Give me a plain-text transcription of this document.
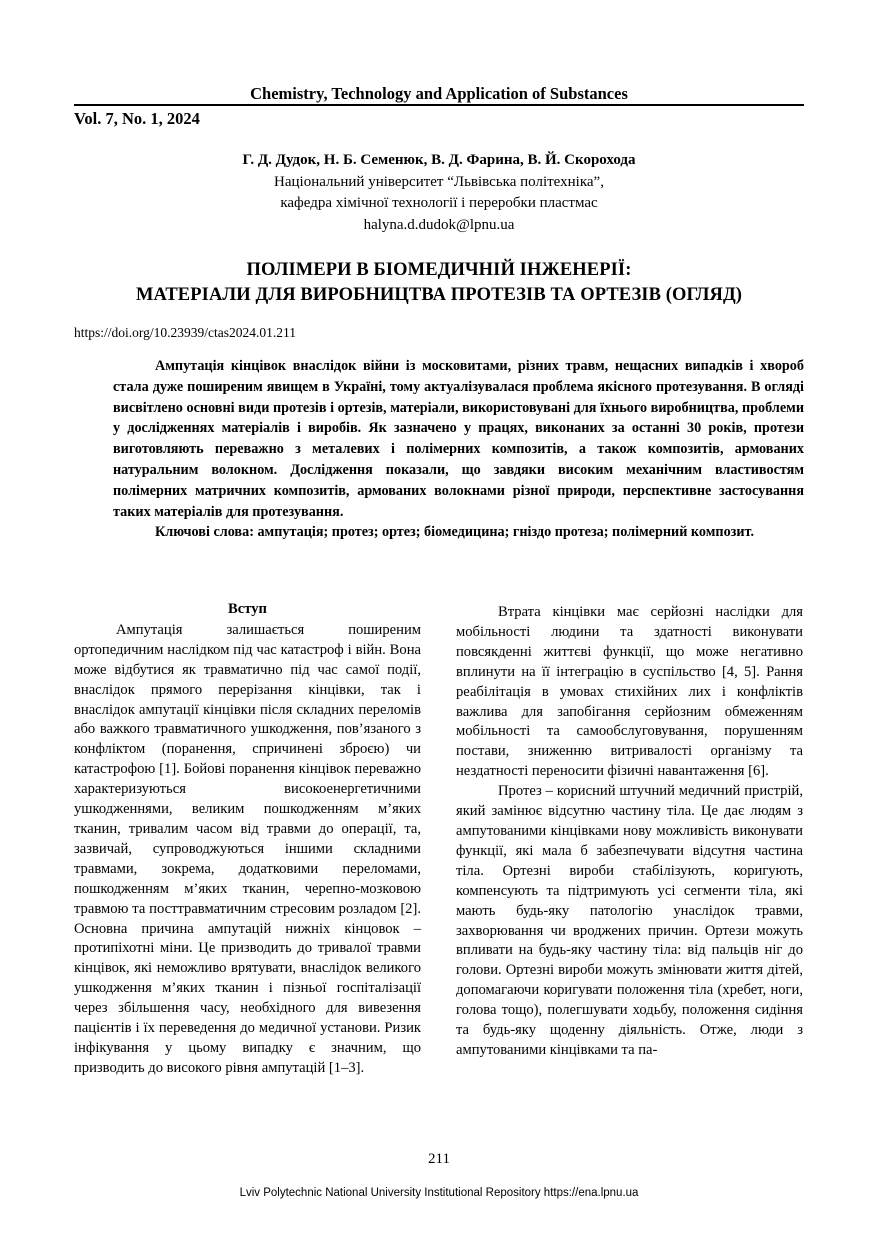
Chemistry, Technology and Application of Substances
Vol. 7, No. 1, 2024
Г. Д. Дудок, Н. Б. Семенюк, В. Д. Фарина, В. Й. Скорохода
Національний університет “Львівська політехніка”,
кафедра хімічної технології і переробки пластмас
halyna.d.dudok@lpnu.ua
ПОЛІМЕРИ В БІОМЕДИЧНІЙ ІНЖЕНЕРІЇ:
МАТЕРІАЛИ ДЛЯ ВИРОБНИЦТВА ПРОТЕЗІВ ТА ОРТЕЗІВ (ОГЛЯД)
https://doi.org/10.23939/ctas2024.01.211

Ампутація кінцівок внаслідок війни із московитами, різних травм, нещасних випадків і хвороб стала дуже поширеним явищем в Україні, тому актуалізувалася проблема якісного протезування. В огляді висвітлено основні види протезів і ортезів, матеріали, використовувані для їхнього виробництва, проблеми у дослідженнях матеріалів і виробів. Як зазначено у працях, виконаних за останні 30 років, протези виготовляють переважно з металевих і полімерних композитів, а також композитів, армованих натуральним волокном. Дослідження показали, що завдяки високим механічним властивостям полімерних матричних композитів, армованих волокнами різної природи, перспективне застосування таких матеріалів для протезування.

Ключові слова: ампутація; протез; ортез; біомедицина; гніздо протеза; полімерний композит.

Вступ

Ампутація залишається поширеним ортопедичним наслідком під час катастроф і війн. Вона може відбутися як травматично під час самої події, внаслідок прямого перерізання кінцівки, так і внаслідок ампутації кінцівки після складних переломів або важкого травматичного ушкодження, пов’язаного з конфліктом (поранення, спричинені зброєю) чи катастрофою [1]. Бойові поранення кінцівок переважно характеризуються високоенергетичними ушкодженнями, великим пошкодженням м’яких тканин, тривалим часом від травми до операції, та, зазвичай, супроводжуються іншими складними травмами, зокрема, додатковими переломами, пошкодженням м’яких тканин, черепно-мозковою травмою та посттравматичним стресовим розладом [2]. Основна причина ампутацій нижніх кінцовок – протипіхотні міни. Це призводить до тривалої травми кінцівок, які неможливо врятувати, внаслідок великого ушкодження м’яких тканин і пізньої госпіталізації через збільшення часу, необхідного для вивезення пацієнтів і їх переведення до медичної установи. Ризик інфікування у цьому випадку є значним, що призводить до високого рівня ампутацій [1–3].

Втрата кінцівки має серйозні наслідки для мобільності людини та здатності виконувати повсякденні життєві функції, що може негативно вплинути на її інтеграцію в суспільство [4, 5]. Рання реабілітація в умовах стихійних лих і конфліктів важлива для запобігання серйозним обмеженням мобільності та самообслуговування, порушенням постави, зниженню витривалості організму та нездатності переносити фізичні навантаження [6].

Протез – корисний штучний медичний пристрій, який замінює відсутню частину тіла. Це дає людям з ампутованими кінцівками нову можливість виконувати функції, які мала б забезпечувати відсутня частина тіла. Ортезні вироби стабілізують, коригують, компенсують та підтримують усі сегменти тіла, які мають будь-яку патологію унаслідок травми, захворювання чи вроджених причин. Ортези можуть впливати на будь-яку частину тіла: від пальців ніг до голови. Ортезні вироби можуть змінювати життя дітей, допомагаючи коригувати положення тіла (хребет, ноги, голова тощо), полегшувати ходьбу, положення сидіння та будь-яку щоденну діяльність. Отже, люди з ампутованими кінцівками та па-

211
Lviv Polytechnic National University Institutional Repository https://ena.lpnu.ua
